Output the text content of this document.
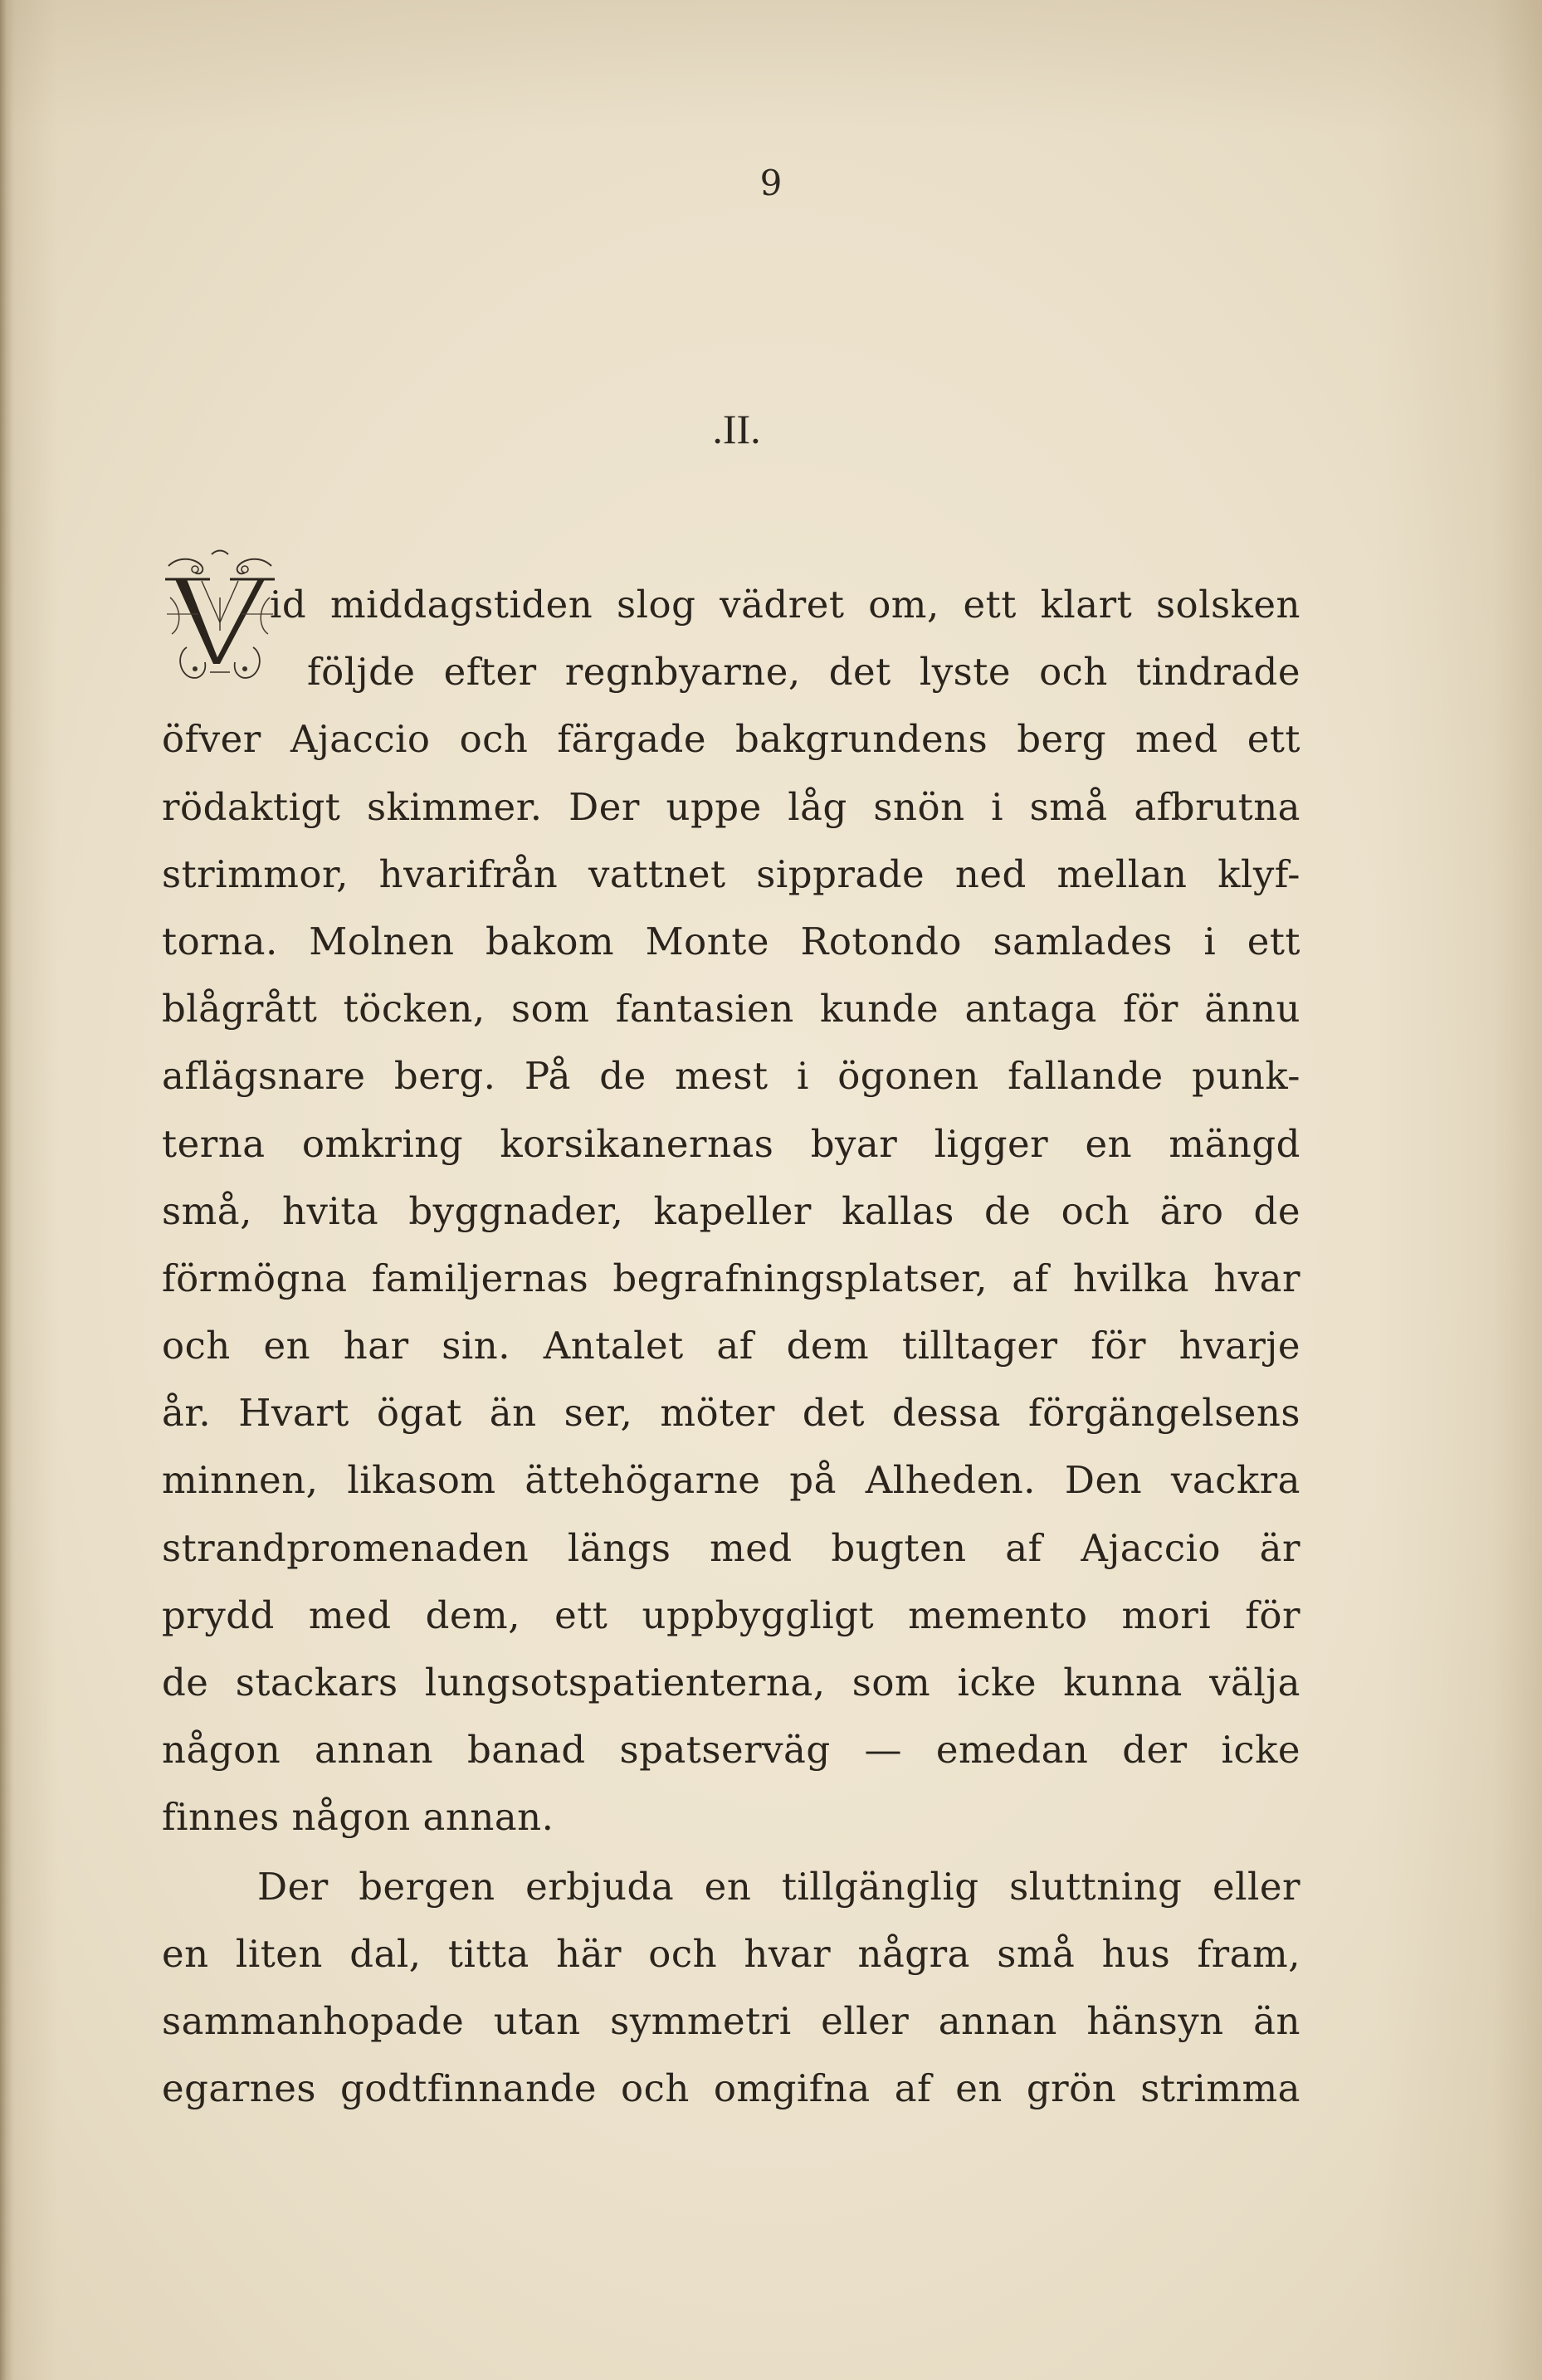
9
.II.
id middagstiden slog vädret om, ett klart solsken
följde efter regnbyarne, det lyste och tindrade
öfver Ajaccio och färgade bakgrundens berg med ett
rödaktigt skimmer. Der uppe låg snön i små afbrutna
strimmor, hvarifrån vattnet sipprade ned mellan klyf-
torna. Molnen bakom Monte Rotondo samlades i ett
blågrått töcken, som fantasien kunde antaga för ännu
aflägsnare berg. På de mest i ögonen fallande punk-
terna omkring korsikanernas byar ligger en mängd
små, hvita byggnader, kapeller kallas de och äro de
förmögna familjernas begrafningsplatser, af hvilka hvar
och en har sin. Antalet af dem tilltager för hvarje
år. Hvart ögat än ser, möter det dessa förgängelsens
minnen, likasom ättehögarne på Alheden. Den vackra
strandpromenaden längs med bugten af Ajaccio är
prydd med dem, ett uppbyggligt memento mori för
de stackars lungsotspatienterna, som icke kunna välja
någon annan banad spatserväg — emedan der icke
finnes någon annan.
Der bergen erbjuda en tillgänglig sluttning eller
en liten dal, titta här och hvar några små hus fram,
sammanhopade utan symmetri eller annan hänsyn än
egarnes godtfinnande och omgifna af en grön strimma
